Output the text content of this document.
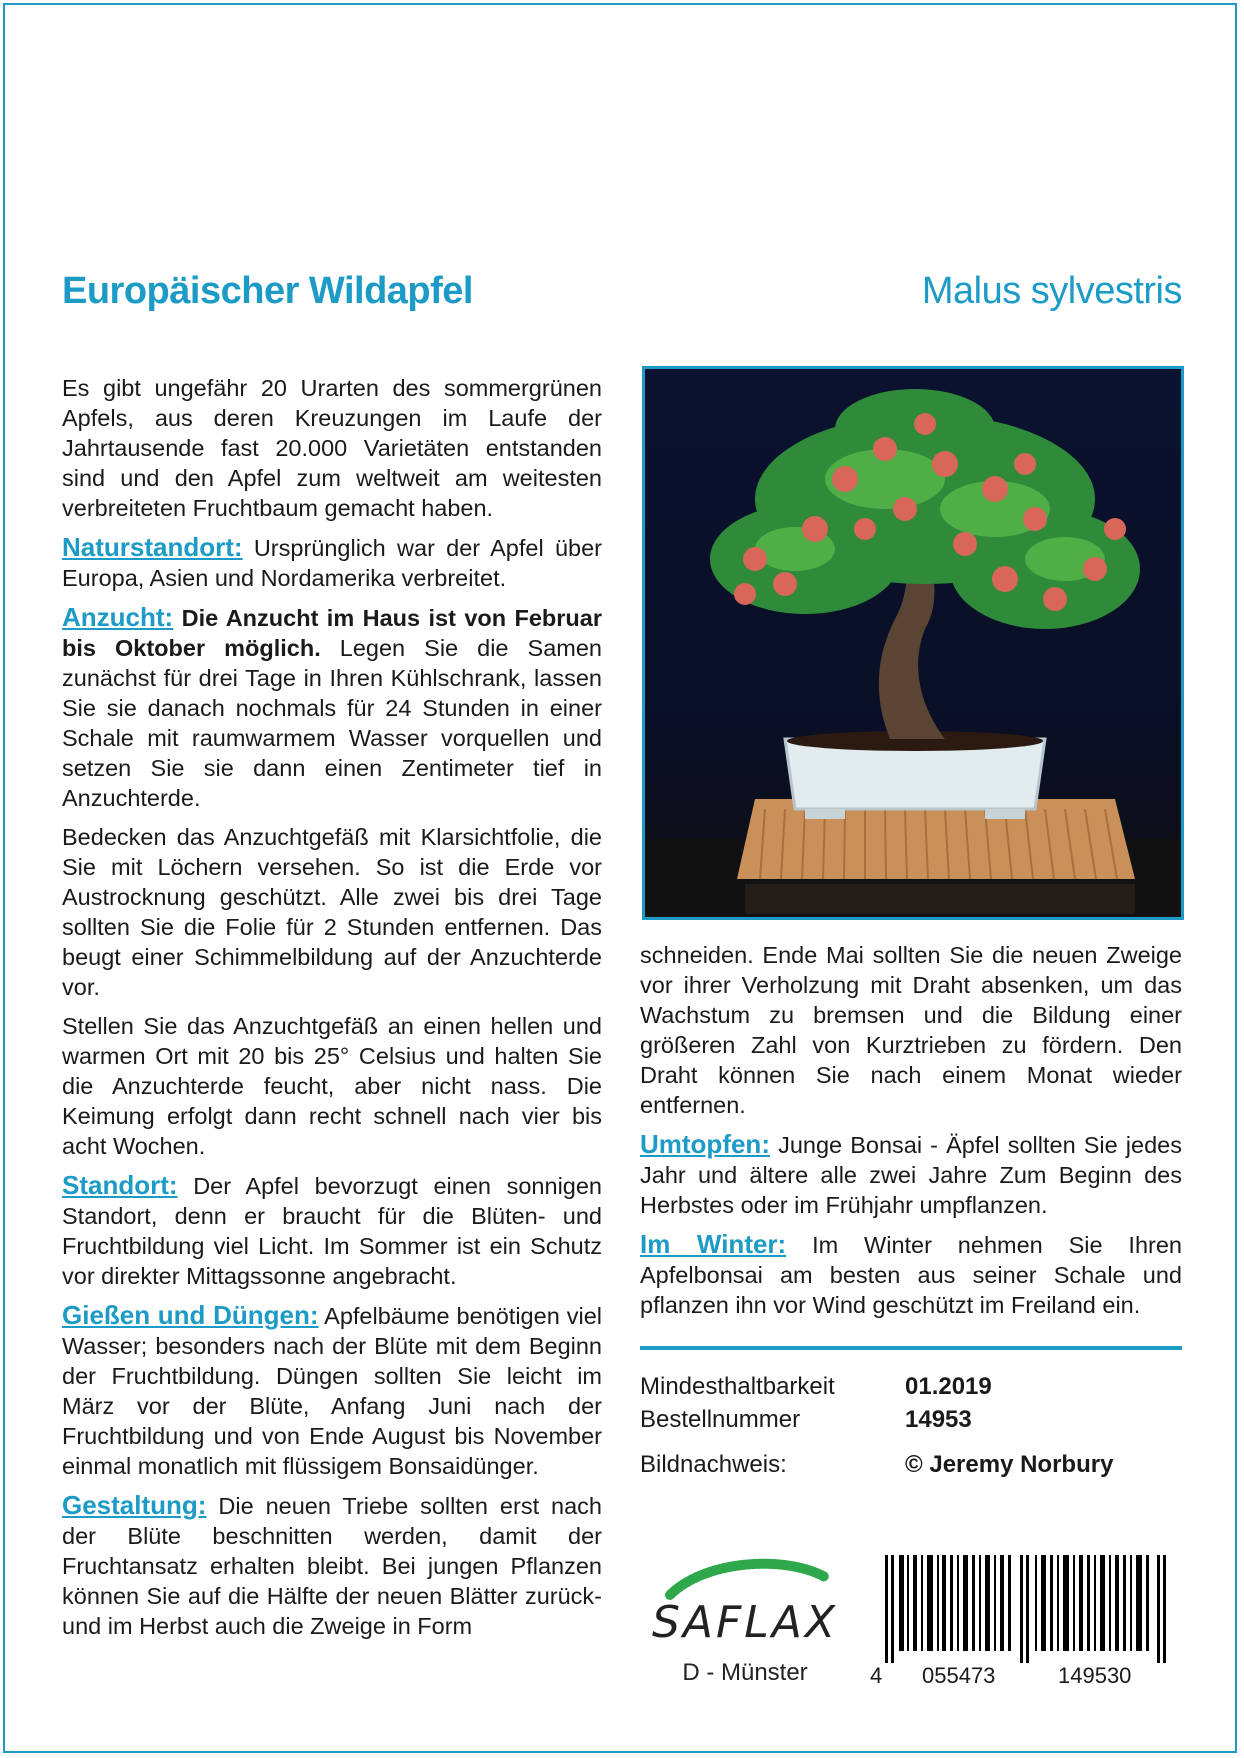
Europäischer Wildapfel	Malus sylvestris

Es gibt ungefähr 20 Urarten des sommergrünen Apfels, aus deren Kreuzungen im Laufe der Jahrtausende fast 20.000 Varietäten entstanden sind und den Apfel zum weltweit am weitesten verbreiteten Fruchtbaum gemacht haben.

Naturstandort: Ursprünglich war der Apfel über Europa, Asien und Nordamerika verbreitet.

Anzucht: Die Anzucht im Haus ist von Februar bis Oktober möglich. Legen Sie die Samen zunächst für drei Tage in Ihren Kühlschrank, lassen Sie sie danach nochmals für 24 Stunden in einer Schale mit raumwarmem Wasser vorquellen und setzen Sie sie dann einen Zentimeter tief in Anzuchterde.

Bedecken das Anzuchtgefäß mit Klarsichtfolie, die Sie mit Löchern versehen. So ist die Erde vor Austrocknung geschützt. Alle zwei bis drei Tage sollten Sie die Folie für 2 Stunden entfernen. Das beugt einer Schimmelbildung auf der Anzuchterde vor.

Stellen Sie das Anzuchtgefäß an einen hellen und warmen Ort mit 20 bis 25° Celsius und halten Sie die Anzuchterde feucht, aber nicht nass. Die Keimung erfolgt dann recht schnell nach vier bis acht Wochen.

Standort: Der Apfel bevorzugt einen sonnigen Standort, denn er braucht für die Blüten- und Fruchtbildung viel Licht. Im Sommer ist ein Schutz vor direkter Mittagssonne angebracht.

Gießen und Düngen: Apfelbäume benötigen viel Wasser; besonders nach der Blüte mit dem Beginn der Fruchtbildung. Düngen sollten Sie leicht im März vor der Blüte, Anfang Juni nach der Fruchtbildung und von Ende August bis November einmal monatlich mit flüssigem Bonsaidünger.

Gestaltung: Die neuen Triebe sollten erst nach der Blüte beschnitten werden, damit der Fruchtansatz erhalten bleibt. Bei jungen Pflanzen können Sie auf die Hälfte der neuen Blätter zurück- und im Herbst auch die Zweige in Form

schneiden. Ende Mai sollten Sie die neuen Zweige vor ihrer Verholzung mit Draht absenken, um das Wachstum zu bremsen und die Bildung einer größeren Zahl von Kurztrieben zu fördern. Den Draht können Sie nach einem Monat wieder entfernen.

Umtopfen: Junge Bonsai - Äpfel sollten Sie jedes Jahr und ältere alle zwei Jahre Zum Beginn des Herbstes oder im Frühjahr umpflanzen.

Im Winter: Im Winter nehmen Sie Ihren Apfelbonsai am besten aus seiner Schale und pflanzen ihn vor Wind geschützt im Freiland ein.

Mindesthaltbarkeit	01.2019
Bestellnummer	14953
Bildnachweis:	© Jeremy Norbury
SAFLAX
D - Münster	4 055473	149530
